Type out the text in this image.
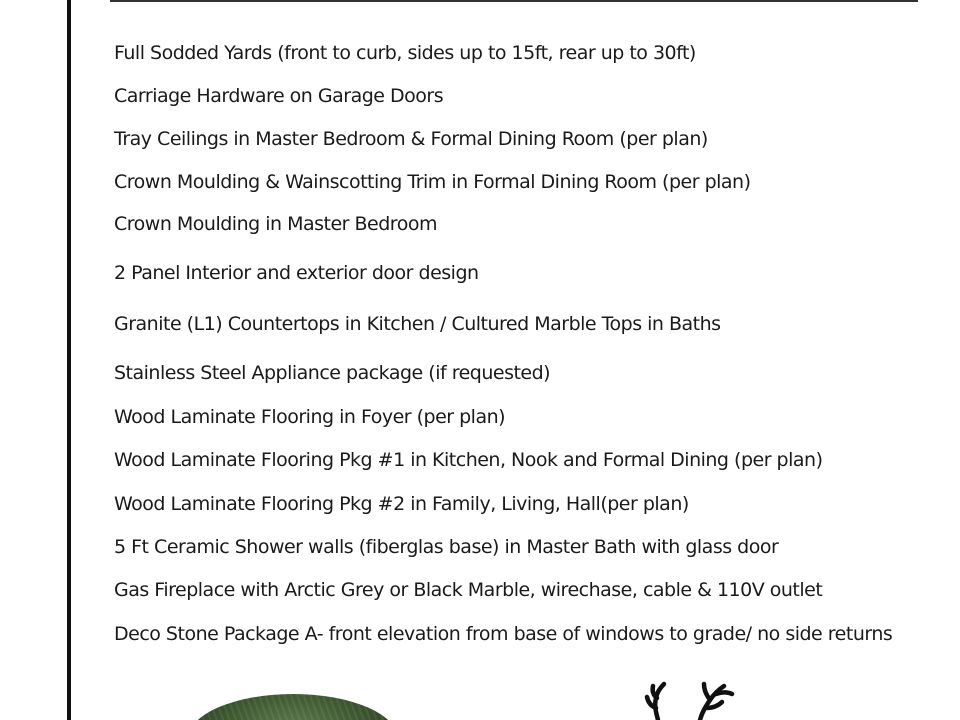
Full Sodded Yards (front to curb, sides up to 15ft, rear up to 30ft)
Carriage Hardware on Garage Doors
Tray Ceilings in Master Bedroom & Formal Dining Room (per plan)
Crown Moulding & Wainscotting Trim in Formal Dining Room (per plan)
Crown Moulding in Master Bedroom
2 Panel Interior and exterior door design
Granite (L1) Countertops in Kitchen / Cultured Marble Tops in Baths
Stainless Steel Appliance package (if requested)
Wood Laminate Flooring in Foyer (per plan)
Wood Laminate Flooring Pkg #1 in Kitchen, Nook and Formal Dining (per plan)
Wood Laminate Flooring Pkg #2 in Family, Living, Hall(per plan)
5 Ft Ceramic Shower walls (fiberglas base) in Master Bath with glass door
Gas Fireplace with Arctic Grey or Black Marble, wirechase, cable & 110V outlet
Deco Stone Package A- front elevation from base of windows to grade/ no side returns
